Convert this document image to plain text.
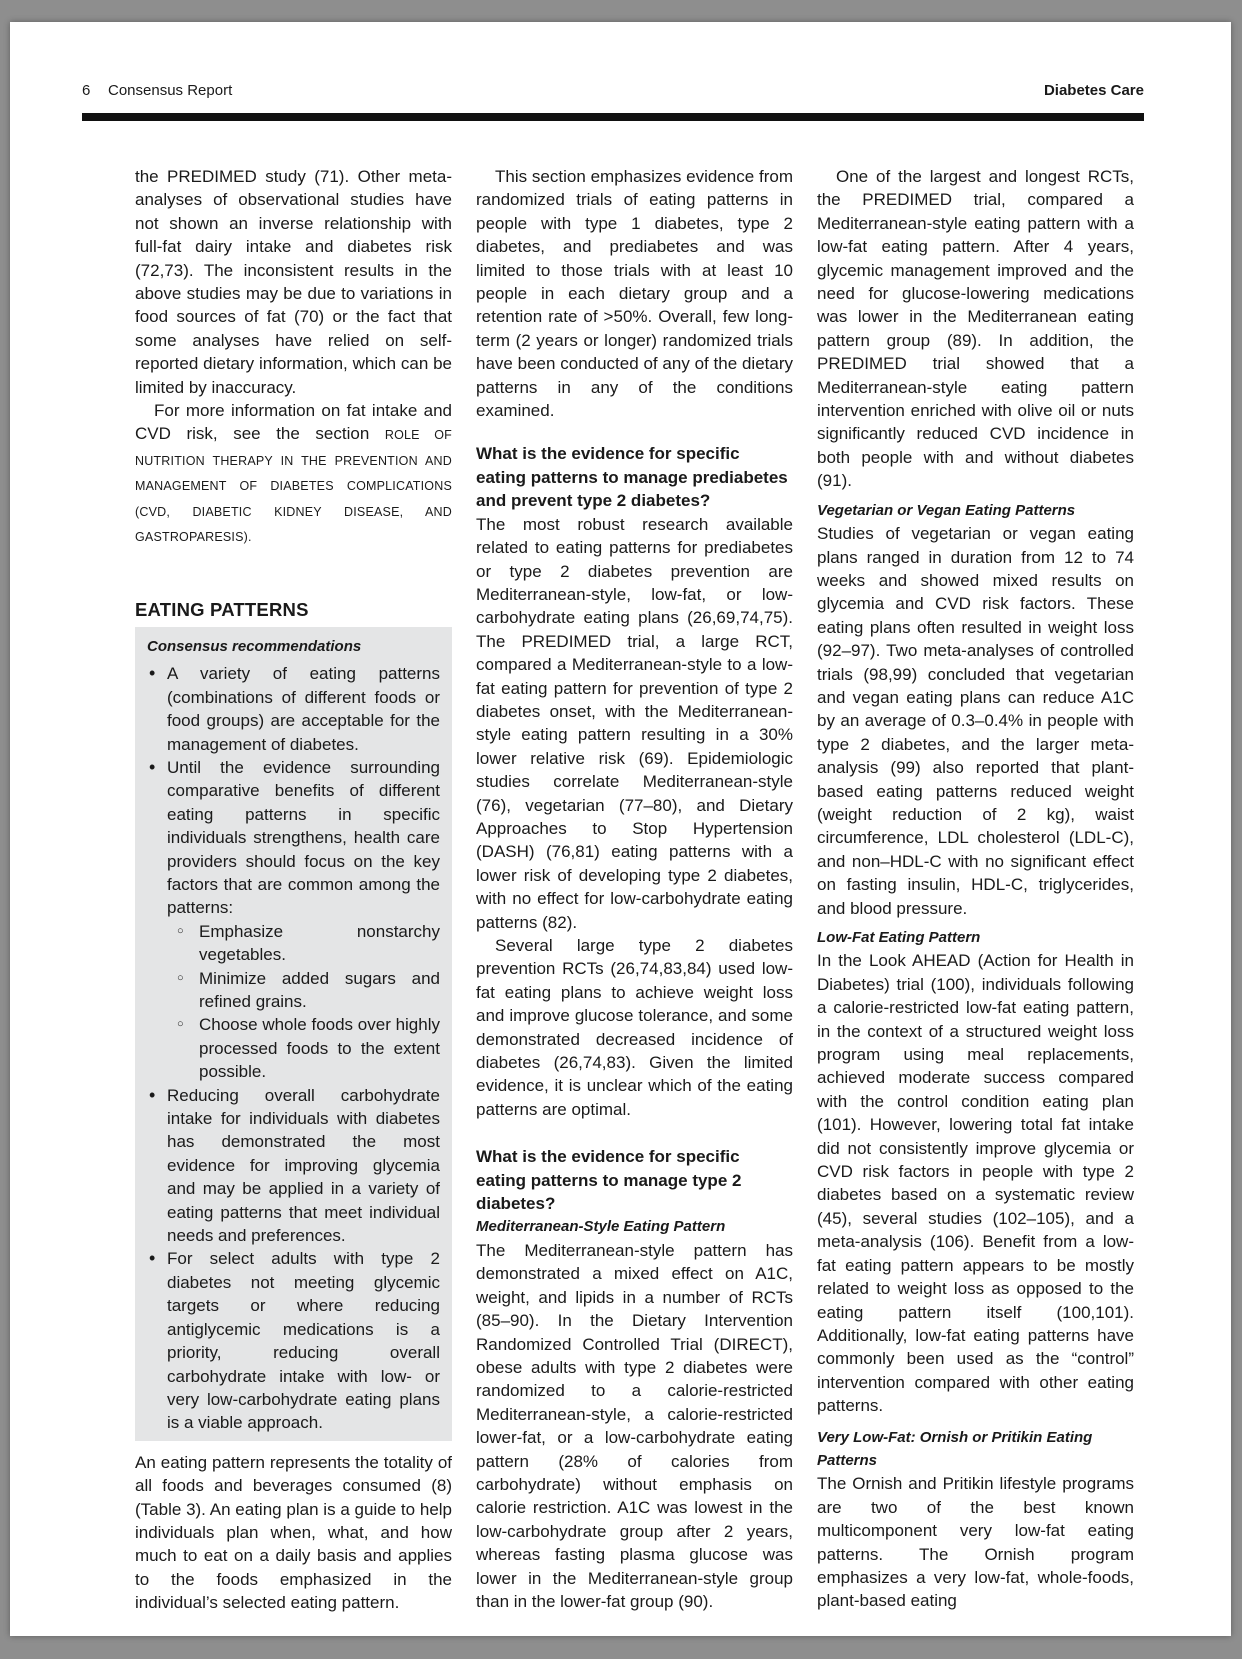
6 Consensus Report	Diabetes Care

the PREDIMED study (71). Other meta-analyses of observational studies have not shown an inverse relationship with full-fat dairy intake and diabetes risk (72,73). The inconsistent results in the above studies may be due to variations in food sources of fat (70) or the fact that some analyses have relied on self-reported dietary information, which can be limited by inaccuracy.

For more information on fat intake and CVD risk, see the section ROLE OF NUTRITION THERAPY IN THE PREVENTION AND MANAGEMENT OF DIABETES COMPLICATIONS (CVD, DIABETIC KIDNEY DISEASE, AND GASTROPARESIS).

EATING PATTERNS
Consensus recommendations
• A variety of eating patterns (combinations of different foods or food groups) are acceptable for the management of diabetes.
• Until the evidence surrounding comparative benefits of different eating patterns in specific individuals strengthens, health care providers should focus on the key factors that are common among the patterns:
○ Emphasize nonstarchy vegetables.
○ Minimize added sugars and refined grains.
○ Choose whole foods over highly processed foods to the extent possible.
• Reducing overall carbohydrate intake for individuals with diabetes has demonstrated the most evidence for improving glycemia and may be applied in a variety of eating patterns that meet individual needs and preferences.
• For select adults with type 2 diabetes not meeting glycemic targets or where reducing antiglycemic medications is a priority, reducing overall carbohydrate intake with low- or very low-carbohydrate eating plans is a viable approach.

An eating pattern represents the totality of all foods and beverages consumed (8) (Table 3). An eating plan is a guide to help individuals plan when, what, and how much to eat on a daily basis and applies to the foods emphasized in the individual’s selected eating pattern.

This section emphasizes evidence from randomized trials of eating patterns in people with type 1 diabetes, type 2 diabetes, and prediabetes and was limited to those trials with at least 10 people in each dietary group and a retention rate of >50%. Overall, few long-term (2 years or longer) randomized trials have been conducted of any of the dietary patterns in any of the conditions examined.

What is the evidence for specific eating patterns to manage prediabetes and prevent type 2 diabetes?

The most robust research available related to eating patterns for prediabetes or type 2 diabetes prevention are Mediterranean-style, low-fat, or low-carbohydrate eating plans (26,69,74,75). The PREDIMED trial, a large RCT, compared a Mediterranean-style to a low-fat eating pattern for prevention of type 2 diabetes onset, with the Mediterranean-style eating pattern resulting in a 30% lower relative risk (69). Epidemiologic studies correlate Mediterranean-style (76), vegetarian (77–80), and Dietary Approaches to Stop Hypertension (DASH) (76,81) eating patterns with a lower risk of developing type 2 diabetes, with no effect for low-carbohydrate eating patterns (82).

Several large type 2 diabetes prevention RCTs (26,74,83,84) used low-fat eating plans to achieve weight loss and improve glucose tolerance, and some demonstrated decreased incidence of diabetes (26,74,83). Given the limited evidence, it is unclear which of the eating patterns are optimal.

What is the evidence for specific eating patterns to manage type 2 diabetes?

Mediterranean-Style Eating Pattern

The Mediterranean-style pattern has demonstrated a mixed effect on A1C, weight, and lipids in a number of RCTs (85–90). In the Dietary Intervention Randomized Controlled Trial (DIRECT), obese adults with type 2 diabetes were randomized to a calorie-restricted Mediterranean-style, a calorie-restricted lower-fat, or a low-carbohydrate eating pattern (28% of calories from carbohydrate) without emphasis on calorie restriction. A1C was lowest in the low-carbohydrate group after 2 years, whereas fasting plasma glucose was lower in the Mediterranean-style group than in the lower-fat group (90).

One of the largest and longest RCTs, the PREDIMED trial, compared a Mediterranean-style eating pattern with a low-fat eating pattern. After 4 years, glycemic management improved and the need for glucose-lowering medications was lower in the Mediterranean eating pattern group (89). In addition, the PREDIMED trial showed that a Mediterranean-style eating pattern intervention enriched with olive oil or nuts significantly reduced CVD incidence in both people with and without diabetes (91).

Vegetarian or Vegan Eating Patterns

Studies of vegetarian or vegan eating plans ranged in duration from 12 to 74 weeks and showed mixed results on glycemia and CVD risk factors. These eating plans often resulted in weight loss (92–97). Two meta-analyses of controlled trials (98,99) concluded that vegetarian and vegan eating plans can reduce A1C by an average of 0.3–0.4% in people with type 2 diabetes, and the larger meta-analysis (99) also reported that plant-based eating patterns reduced weight (weight reduction of 2 kg), waist circumference, LDL cholesterol (LDL-C), and non–HDL-C with no significant effect on fasting insulin, HDL-C, triglycerides, and blood pressure.

Low-Fat Eating Pattern

In the Look AHEAD (Action for Health in Diabetes) trial (100), individuals following a calorie-restricted low-fat eating pattern, in the context of a structured weight loss program using meal replacements, achieved moderate success compared with the control condition eating plan (101). However, lowering total fat intake did not consistently improve glycemia or CVD risk factors in people with type 2 diabetes based on a systematic review (45), several studies (102–105), and a meta-analysis (106). Benefit from a low-fat eating pattern appears to be mostly related to weight loss as opposed to the eating pattern itself (100,101). Additionally, low-fat eating patterns have commonly been used as the “control” intervention compared with other eating patterns.

Very Low-Fat: Ornish or Pritikin Eating Patterns

The Ornish and Pritikin lifestyle programs are two of the best known multicomponent very low-fat eating patterns. The Ornish program emphasizes a very low-fat, whole-foods, plant-based eating
